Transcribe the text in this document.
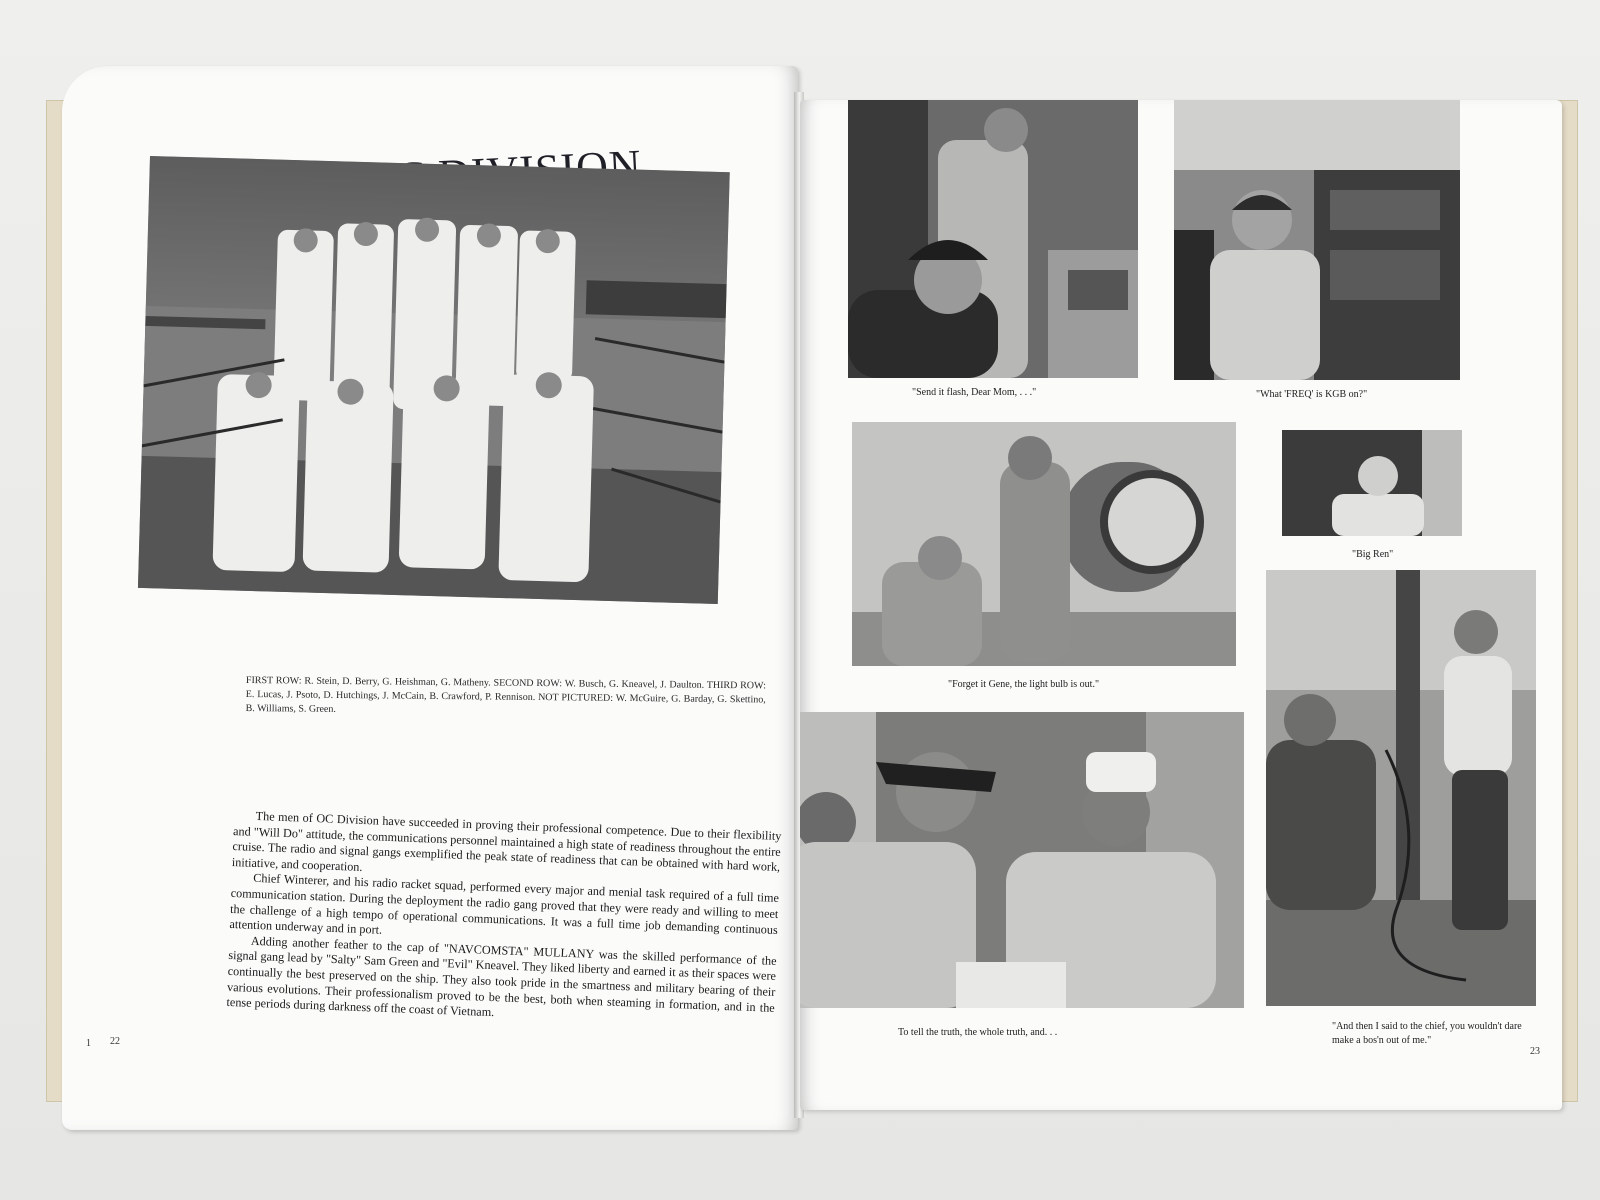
FIRST ROW: R. Stein, D. Berry, G. Heishman, G. Matheny. SECOND ROW: W. Busch, G. Kneavel, J. Daulton. THIRD ROW: E. Lucas, J. Psoto, D. Hutchings, J. McCain, B. Crawford, P. Rennison. NOT PICTURED: W. McGuire, G. Barday, G. Skettino, B. Williams, S. Green.

The men of OC Division have succeeded in proving their professional competence. Due to their flexibility and "Will Do" attitude, the communications personnel maintained a high state of readiness throughout the entire cruise. The radio and signal gangs exemplified the peak state of readiness that can be obtained with hard work, initiative, and cooperation.

Chief Winterer, and his radio racket squad, performed every major and menial task required of a full time communication station. During the deployment the radio gang proved that they were ready and willing to meet the challenge of a high tempo of operational communications. It was a full time job demanding continuous attention underway and in port.

Adding another feather to the cap of "NAVCOMSTA" MULLANY was the skilled performance of the signal gang lead by "Salty" Sam Green and "Evil" Kneavel. They liked liberty and earned it as their spaces were continually the best preserved on the ship. They also took pride in the smartness and military bearing of their various evolutions. Their professionalism proved to be the best, both when steaming in formation, and in the tense periods during darkness off the coast of Vietnam.

1 22

"Send it flash, Dear Mom, . . ."	"What 'FREQ' is KGB on?"

"Forget it Gene, the light bulb is out."

"Big Ren"

To tell the truth, the whole truth, and. . .

"And then I said to the chief, you wouldn't dare make a bos'n out of me."

23
